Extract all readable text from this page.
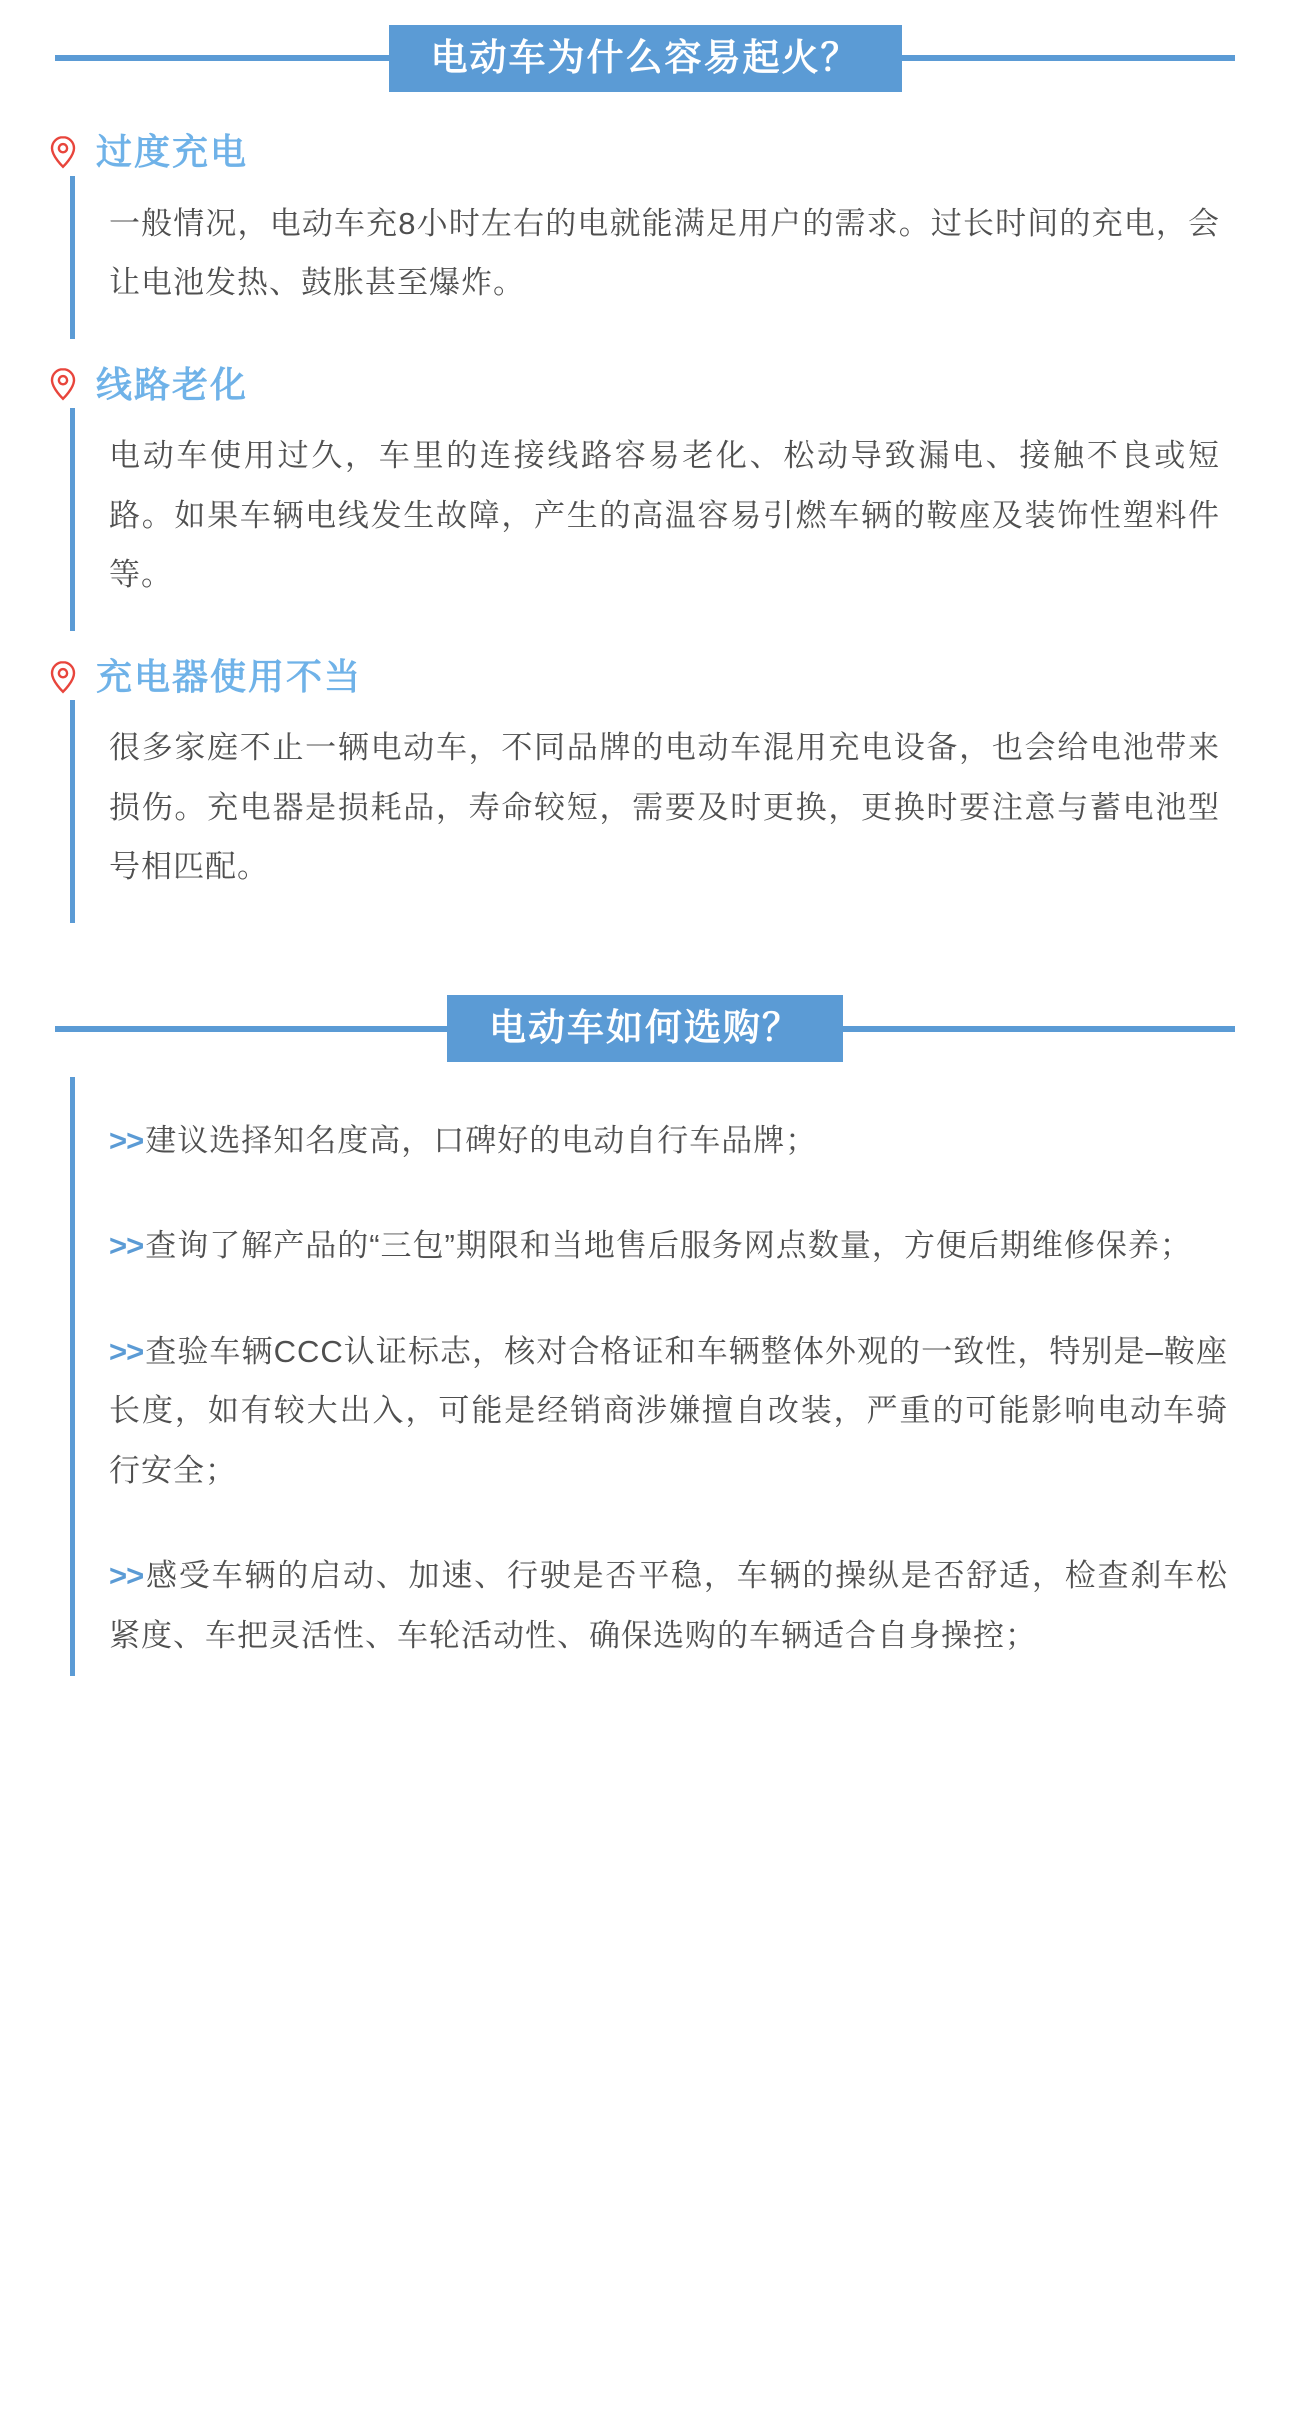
电动车为什么容易起火？
过度充电
一般情况，电动车充8小时左右的电就能满足用户的需求。过长时间的充电，会让电池发热、鼓胀甚至爆炸。
线路老化
电动车使用过久，车里的连接线路容易老化、松动导致漏电、接触不良或短路。如果车辆电线发生故障，产生的高温容易引燃车辆的鞍座及装饰性塑料件等。
充电器使用不当
很多家庭不止一辆电动车，不同品牌的电动车混用充电设备，也会给电池带来损伤。充电器是损耗品，寿命较短，需要及时更换，更换时要注意与蓄电池型号相匹配。
电动车如何选购？
>>建议选择知名度高，口碑好的电动自行车品牌；
>>查询了解产品的“三包”期限和当地售后服务网点数量，方便后期维修保养；
>>查验车辆CCC认证标志，核对合格证和车辆整体外观的一致性，特别是–鞍座长度，如有较大出入，可能是经销商涉嫌擅自改装，严重的可能影响电动车骑行安全；
>>感受车辆的启动、加速、行驶是否平稳，车辆的操纵是否舒适，检查刹车松紧度、车把灵活性、车轮活动性、确保选购的车辆适合自身操控；
